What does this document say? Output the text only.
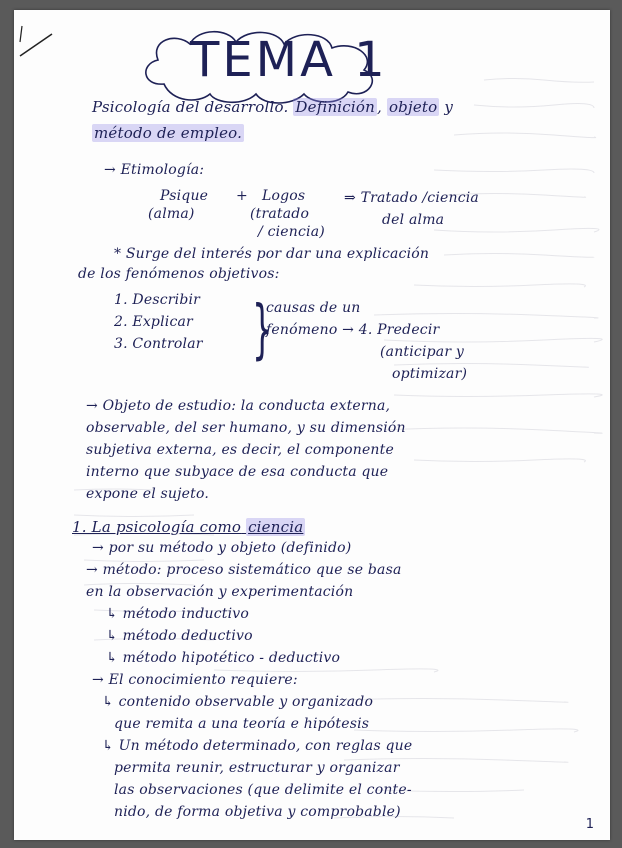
TEMA 1
Psicología del desarrollo. Definición , objeto y
método de empleo.
→ Etimología:
Psique
(alma)
+ Logos
(tratado
/ ciencia)
⇒ Tratado /ciencia
del alma
* Surge del interés por dar una explicación
de los fenómenos objetivos:
1. Describir
2. Explicar
3. Controlar }
causas de un
fenómeno → 4. Predecir
(anticipar y
optimizar)
→ Objeto de estudio: la conducta externa,
observable, del ser humano, y su dimensión
subjetiva externa, es decir, el componente
interno que subyace de esa conducta que
expone el sujeto.
1. La psicología como ciencia
→ por su método y objeto (definido)
→ método: proceso sistemático que se basa
en la observación y experimentación
↳ método inductivo
↳ método deductivo
↳ método hipotético - deductivo
→ El conocimiento requiere:
↳ contenido observable y organizado
que remita a una teoría e hipótesis
↳ Un método determinado, con reglas que
permita reunir, estructurar y organizar
las observaciones (que delimite el conte-
nido, de forma objetiva y comprobable)
1
